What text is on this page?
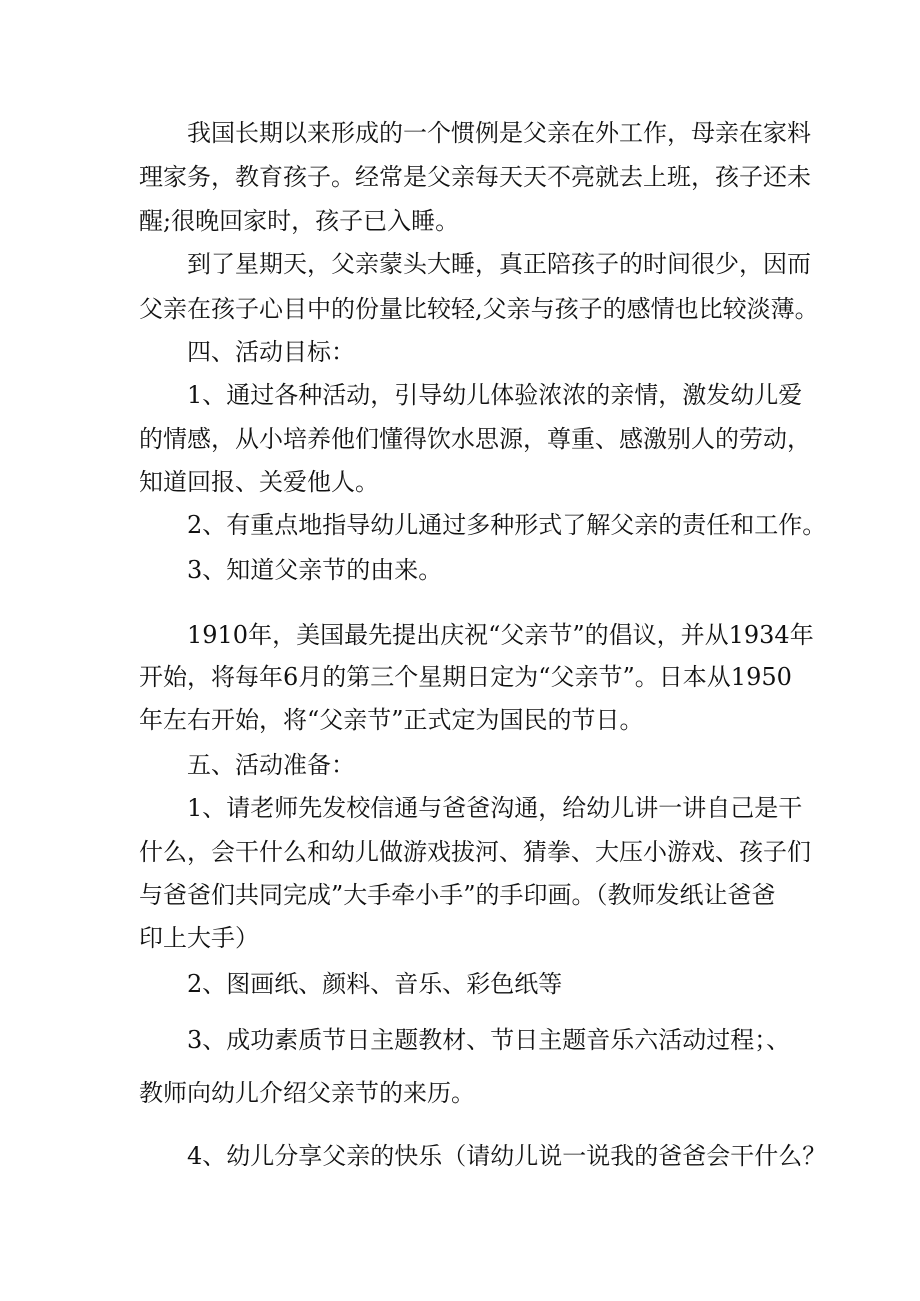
我国长期以来形成的一个惯例是父亲在外工作，母亲在家料
理家务，教育孩子。经常是父亲每天天不亮就去上班，孩子还未
醒;很晚回家时，孩子已入睡。
到了星期天，父亲蒙头大睡，真正陪孩子的时间很少，因而
父亲在孩子心目中的份量比较轻,父亲与孩子的感情也比较淡薄。
四、活动目标：
1、通过各种活动，引导幼儿体验浓浓的亲情，激发幼儿爱
的情感，从小培养他们懂得饮水思源，尊重、感激别人的劳动，
知道回报、关爱他人。
2、有重点地指导幼儿通过多种形式了解父亲的责任和工作。
3、知道父亲节的由来。
1910年，美国最先提出庆祝“父亲节”的倡议，并从1934年
开始，将每年6月的第三个星期日定为“父亲节”。日本从1950
年左右开始，将“父亲节”正式定为国民的节日。
五、活动准备：
1、请老师先发校信通与爸爸沟通，给幼儿讲一讲自己是干
什么，会干什么和幼儿做游戏拔河、猜拳、大压小游戏、孩子们
与爸爸们共同完成”大手牵小手”的手印画。（教师发纸让爸爸
印上大手）
2、图画纸、颜料、音乐、彩色纸等
3、成功素质节日主题教材、节日主题音乐六活动过程；、
教师向幼儿介绍父亲节的来历。
4、幼儿分享父亲的快乐（请幼儿说一说我的爸爸会干什么？
